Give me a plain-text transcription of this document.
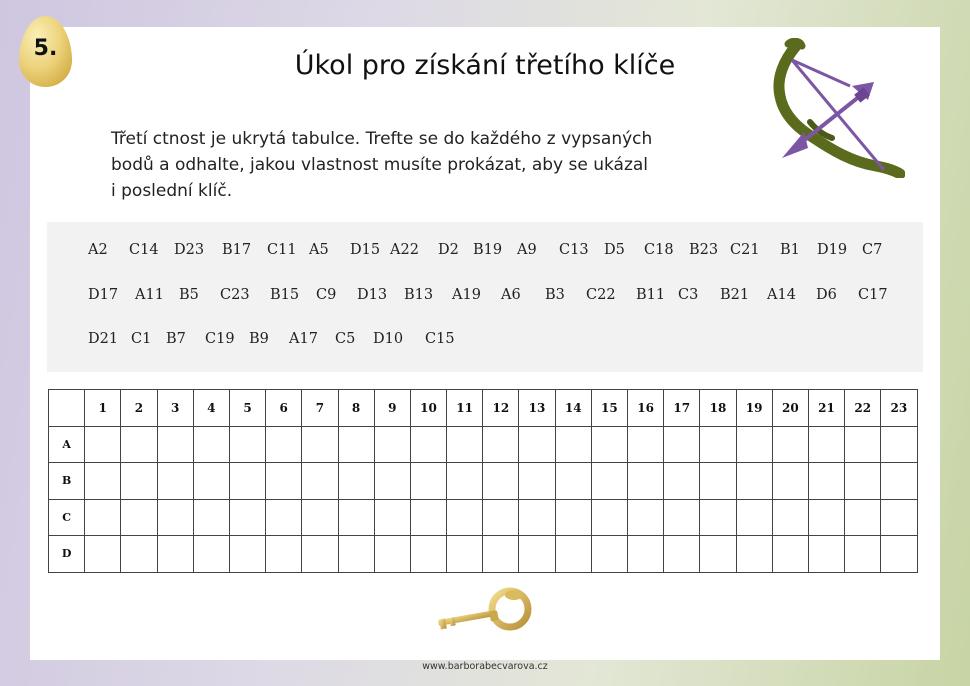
5.
Úkol pro získání třetího klíče
Třetí ctnost je ukrytá tabulce. Trefte se do každého z vypsaných
bodů a odhalte, jakou vlastnost musíte prokázat, aby se ukázal
i poslední klíč.
A2 C14 D23 B17 C11 A5 D15 A22 D2 B19 A9 C13 D5 C18 B23 C21 B1 D19 C7
D17 A11 B5 C23 B15 C9 D13 B13 A19 A6 B3 C22 B11 C3 B21 A14 D6 C17
D21 C1 B7 C19 B9 A17 C5 D10 C15
	1	2	3	4	5	6	7	8	9	10	11	12	13	14	15	16	17	18	19	20	21	22	23
A																							
B																							
C																							
D																							
www.barborabecvarova.cz
